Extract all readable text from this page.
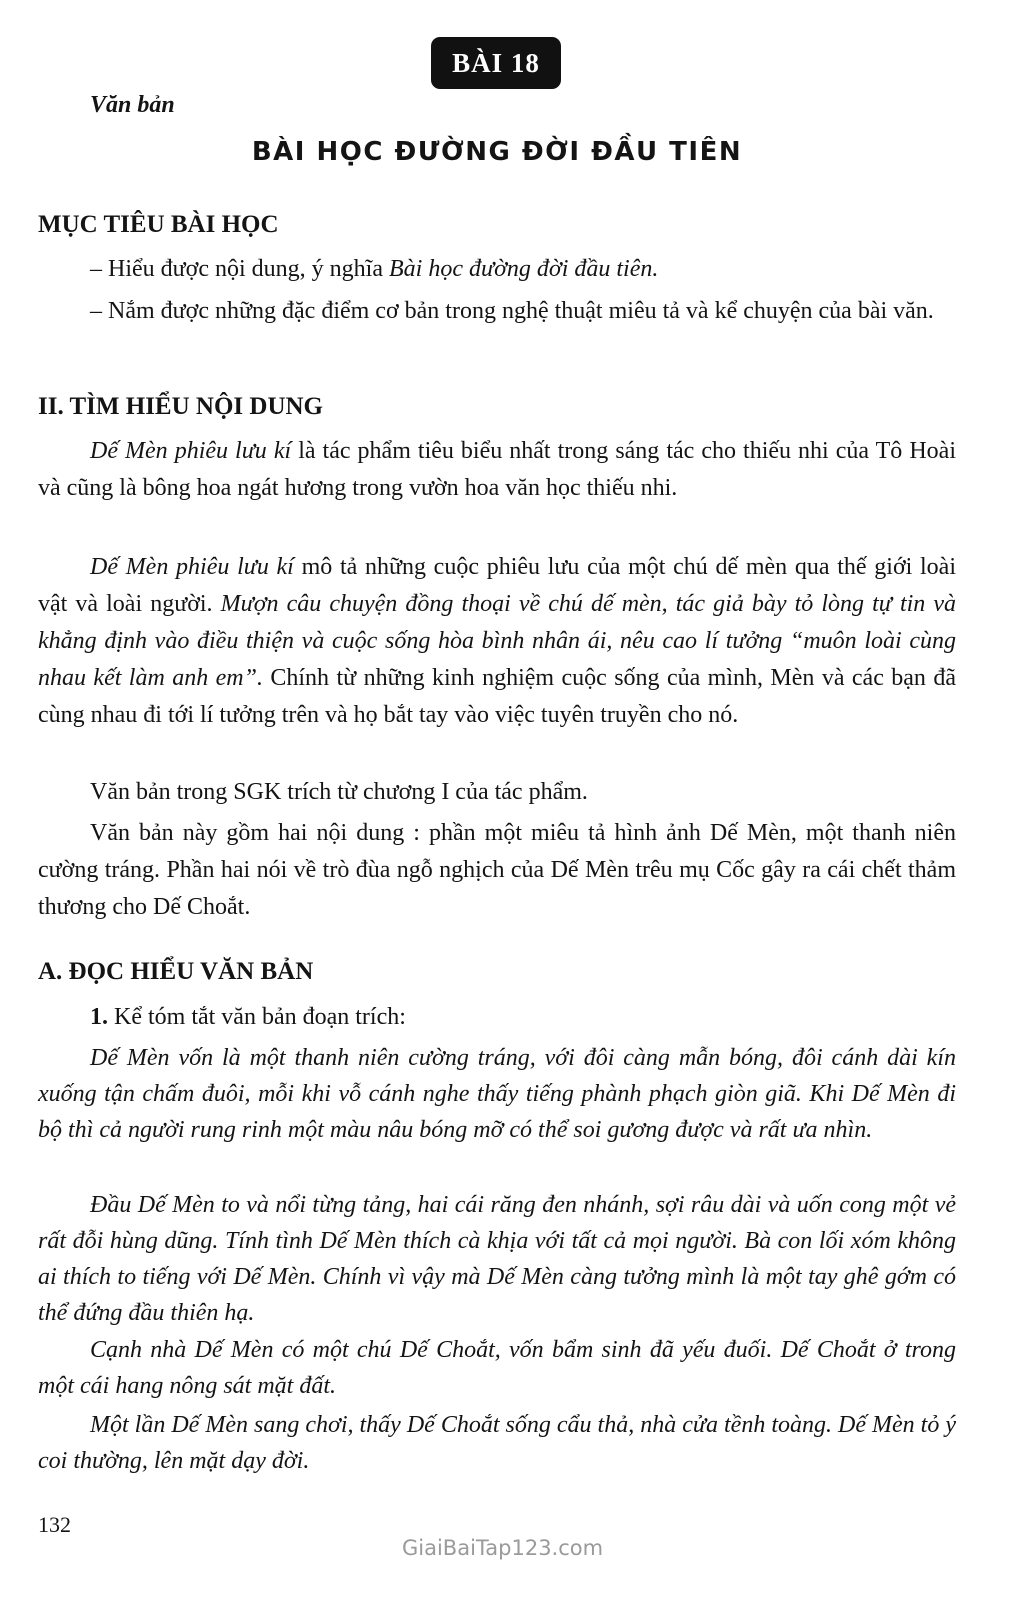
BÀI 18
Văn bản
BÀI HỌC ĐƯỜNG ĐỜI ĐẦU TIÊN
MỤC TIÊU BÀI HỌC

– Hiểu được nội dung, ý nghĩa Bài học đường đời đầu tiên.

– Nắm được những đặc điểm cơ bản trong nghệ thuật miêu tả và kể chuyện của bài văn.

II. TÌM HIỂU NỘI DUNG

Dế Mèn phiêu lưu kí là tác phẩm tiêu biểu nhất trong sáng tác cho thiếu nhi của Tô Hoài và cũng là bông hoa ngát hương trong vườn hoa văn học thiếu nhi.

Dế Mèn phiêu lưu kí mô tả những cuộc phiêu lưu của một chú dế mèn qua thế giới loài vật và loài người. Mượn câu chuyện đồng thoại về chú dế mèn, tác giả bày tỏ lòng tự tin và khẳng định vào điều thiện và cuộc sống hòa bình nhân ái, nêu cao lí tưởng “muôn loài cùng nhau kết làm anh em”. Chính từ những kinh nghiệm cuộc sống của mình, Mèn và các bạn đã cùng nhau đi tới lí tưởng trên và họ bắt tay vào việc tuyên truyền cho nó.

Văn bản trong SGK trích từ chương I của tác phẩm.

Văn bản này gồm hai nội dung : phần một miêu tả hình ảnh Dế Mèn, một thanh niên cường tráng. Phần hai nói về trò đùa ngỗ nghịch của Dế Mèn trêu mụ Cốc gây ra cái chết thảm thương cho Dế Choắt.

A. ĐỌC HIỂU VĂN BẢN

1. Kể tóm tắt văn bản đoạn trích:

Dế Mèn vốn là một thanh niên cường tráng, với đôi càng mẫn bóng, đôi cánh dài kín xuống tận chấm đuôi, mỗi khi vỗ cánh nghe thấy tiếng phành phạch giòn giã. Khi Dế Mèn đi bộ thì cả người rung rinh một màu nâu bóng mỡ có thể soi gương được và rất ưa nhìn.

Đầu Dế Mèn to và nổi từng tảng, hai cái răng đen nhánh, sợi râu dài và uốn cong một vẻ rất đỗi hùng dũng. Tính tình Dế Mèn thích cà khịa với tất cả mọi người. Bà con lối xóm không ai thích to tiếng với Dế Mèn. Chính vì vậy mà Dế Mèn càng tưởng mình là một tay ghê gớm có thể đứng đầu thiên hạ.

Cạnh nhà Dế Mèn có một chú Dế Choắt, vốn bẩm sinh đã yếu đuối. Dế Choắt ở trong một cái hang nông sát mặt đất.

Một lần Dế Mèn sang chơi, thấy Dế Choắt sống cẩu thả, nhà cửa tềnh toàng. Dế Mèn tỏ ý coi thường, lên mặt dạy đời.

132
GiaiBaiTap123.com
